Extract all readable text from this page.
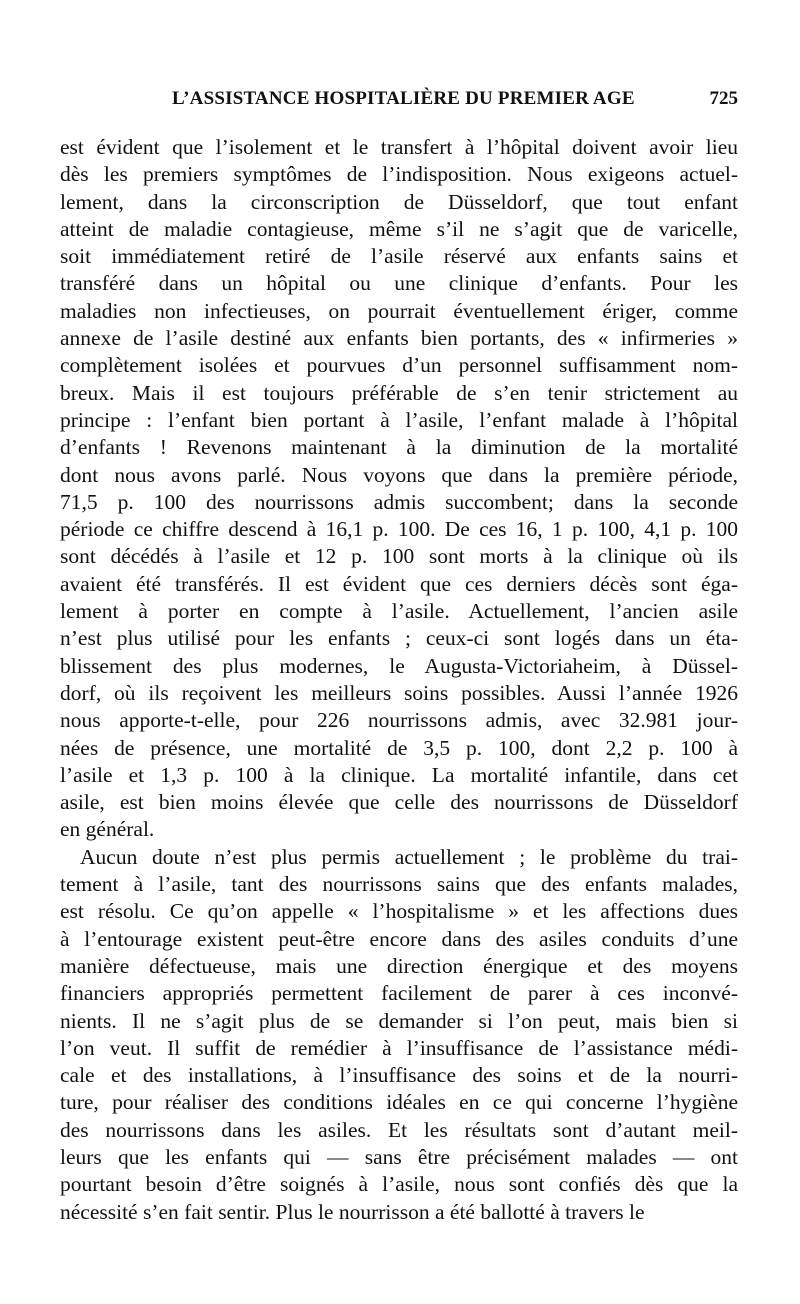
L’ASSISTANCE HOSPITALIÈRE DU PREMIER AGE	725

est évident que l’isolement et le transfert à l’hôpital doivent avoir lieu
dès les premiers symptômes de l’indisposition. Nous exigeons actuel-
lement, dans la circonscription de Düsseldorf, que tout enfant
atteint de maladie contagieuse, même s’il ne s’agit que de varicelle,
soit immédiatement retiré de l’asile réservé aux enfants sains et
transféré dans un hôpital ou une clinique d’enfants. Pour les
maladies non infectieuses, on pourrait éventuellement ériger, comme
annexe de l’asile destiné aux enfants bien portants, des « infirmeries »
complètement isolées et pourvues d’un personnel suffisamment nom-
breux. Mais il est toujours préférable de s’en tenir strictement au
principe : l’enfant bien portant à l’asile, l’enfant malade à l’hôpital
d’enfants ! Revenons maintenant à la diminution de la mortalité
dont nous avons parlé. Nous voyons que dans la première période,
71,5 p. 100 des nourrissons admis succombent; dans la seconde
période ce chiffre descend à 16,1 p. 100. De ces 16, 1 p. 100, 4,1 p. 100
sont décédés à l’asile et 12 p. 100 sont morts à la clinique où ils
avaient été transférés. Il est évident que ces derniers décès sont éga-
lement à porter en compte à l’asile. Actuellement, l’ancien asile
n’est plus utilisé pour les enfants ; ceux-ci sont logés dans un éta-
blissement des plus modernes, le Augusta-Victoriaheim, à Düssel-
dorf, où ils reçoivent les meilleurs soins possibles. Aussi l’année 1926
nous apporte-t-elle, pour 226 nourrissons admis, avec 32.981 jour-
nées de présence, une mortalité de 3,5 p. 100, dont 2,2 p. 100 à
l’asile et 1,3 p. 100 à la clinique. La mortalité infantile, dans cet
asile, est bien moins élevée que celle des nourrissons de Düsseldorf
en général.

Aucun doute n’est plus permis actuellement ; le problème du trai-
tement à l’asile, tant des nourrissons sains que des enfants malades,
est résolu. Ce qu’on appelle « l’hospitalisme » et les affections dues
à l’entourage existent peut-être encore dans des asiles conduits d’une
manière défectueuse, mais une direction énergique et des moyens
financiers appropriés permettent facilement de parer à ces inconvé-
nients. Il ne s’agit plus de se demander si l’on peut, mais bien si
l’on veut. Il suffit de remédier à l’insuffisance de l’assistance médi-
cale et des installations, à l’insuffisance des soins et de la nourri-
ture, pour réaliser des conditions idéales en ce qui concerne l’hygiène
des nourrissons dans les asiles. Et les résultats sont d’autant meil-
leurs que les enfants qui — sans être précisément malades — ont
pourtant besoin d’être soignés à l’asile, nous sont confiés dès que la
nécessité s’en fait sentir. Plus le nourrisson a été ballotté à travers le
